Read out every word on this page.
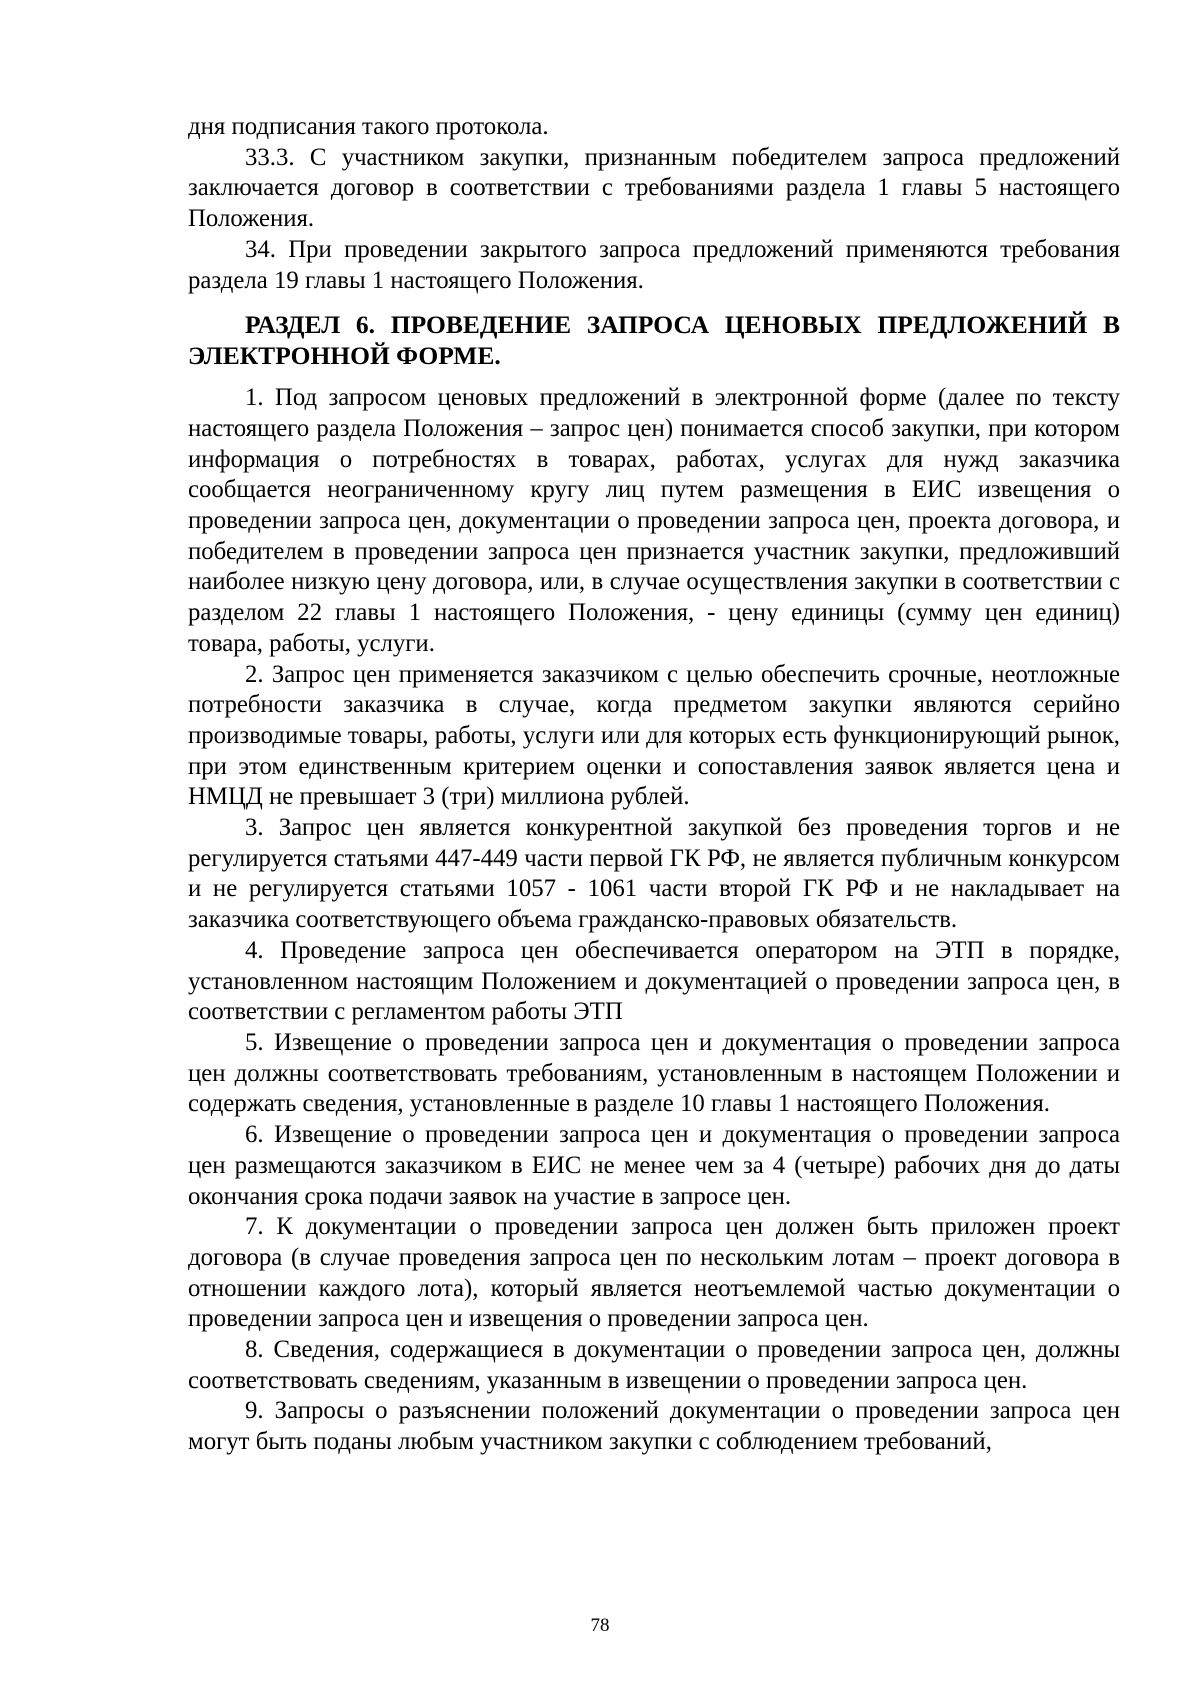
дня подписания такого протокола.

33.3. С участником закупки, признанным победителем запроса предложений заключается договор в соответствии с требованиями раздела 1 главы 5 настоящего Положения.

34. При проведении закрытого запроса предложений применяются требования раздела 19 главы 1 настоящего Положения.

РАЗДЕЛ 6. ПРОВЕДЕНИЕ ЗАПРОСА ЦЕНОВЫХ ПРЕДЛОЖЕНИЙ В ЭЛЕКТРОННОЙ ФОРМЕ.

1. Под запросом ценовых предложений в электронной форме (далее по тексту настоящего раздела Положения – запрос цен) понимается способ закупки, при котором информация о потребностях в товарах, работах, услугах для нужд заказчика сообщается неограниченному кругу лиц путем размещения в ЕИС извещения о проведении запроса цен, документации о проведении запроса цен, проекта договора, и победителем в проведении запроса цен признается участник закупки, предложивший наиболее низкую цену договора, или, в случае осуществления закупки в соответствии с разделом 22 главы 1 настоящего Положения, - цену единицы (сумму цен единиц) товара, работы, услуги.

2. Запрос цен применяется заказчиком с целью обеспечить срочные, неотложные потребности заказчика в случае, когда предметом закупки являются серийно производимые товары, работы, услуги или для которых есть функционирующий рынок, при этом единственным критерием оценки и сопоставления заявок является цена и НМЦД не превышает 3 (три) миллиона рублей.

3. Запрос цен является конкурентной закупкой без проведения торгов и не регулируется статьями 447-449 части первой ГК РФ, не является публичным конкурсом и не регулируется статьями 1057 - 1061 части второй ГК РФ и не накладывает на заказчика соответствующего объема гражданско-правовых обязательств.

4. Проведение запроса цен обеспечивается оператором на ЭТП в порядке, установленном настоящим Положением и документацией о проведении запроса цен, в соответствии с регламентом работы ЭТП

5. Извещение о проведении запроса цен и документация о проведении запроса цен должны соответствовать требованиям, установленным в настоящем Положении и содержать сведения, установленные в разделе 10 главы 1 настоящего Положения.

6. Извещение о проведении запроса цен и документация о проведении запроса цен размещаются заказчиком в ЕИС не менее чем за 4 (четыре) рабочих дня до даты окончания срока подачи заявок на участие в запросе цен.

7. К документации о проведении запроса цен должен быть приложен проект договора (в случае проведения запроса цен по нескольким лотам – проект договора в отношении каждого лота), который является неотъемлемой частью документации о проведении запроса цен и извещения о проведении запроса цен.

8. Сведения, содержащиеся в документации о проведении запроса цен, должны соответствовать сведениям, указанным в извещении о проведении запроса цен.

9. Запросы о разъяснении положений документации о проведении запроса цен могут быть поданы любым участником закупки с соблюдением требований,

78
